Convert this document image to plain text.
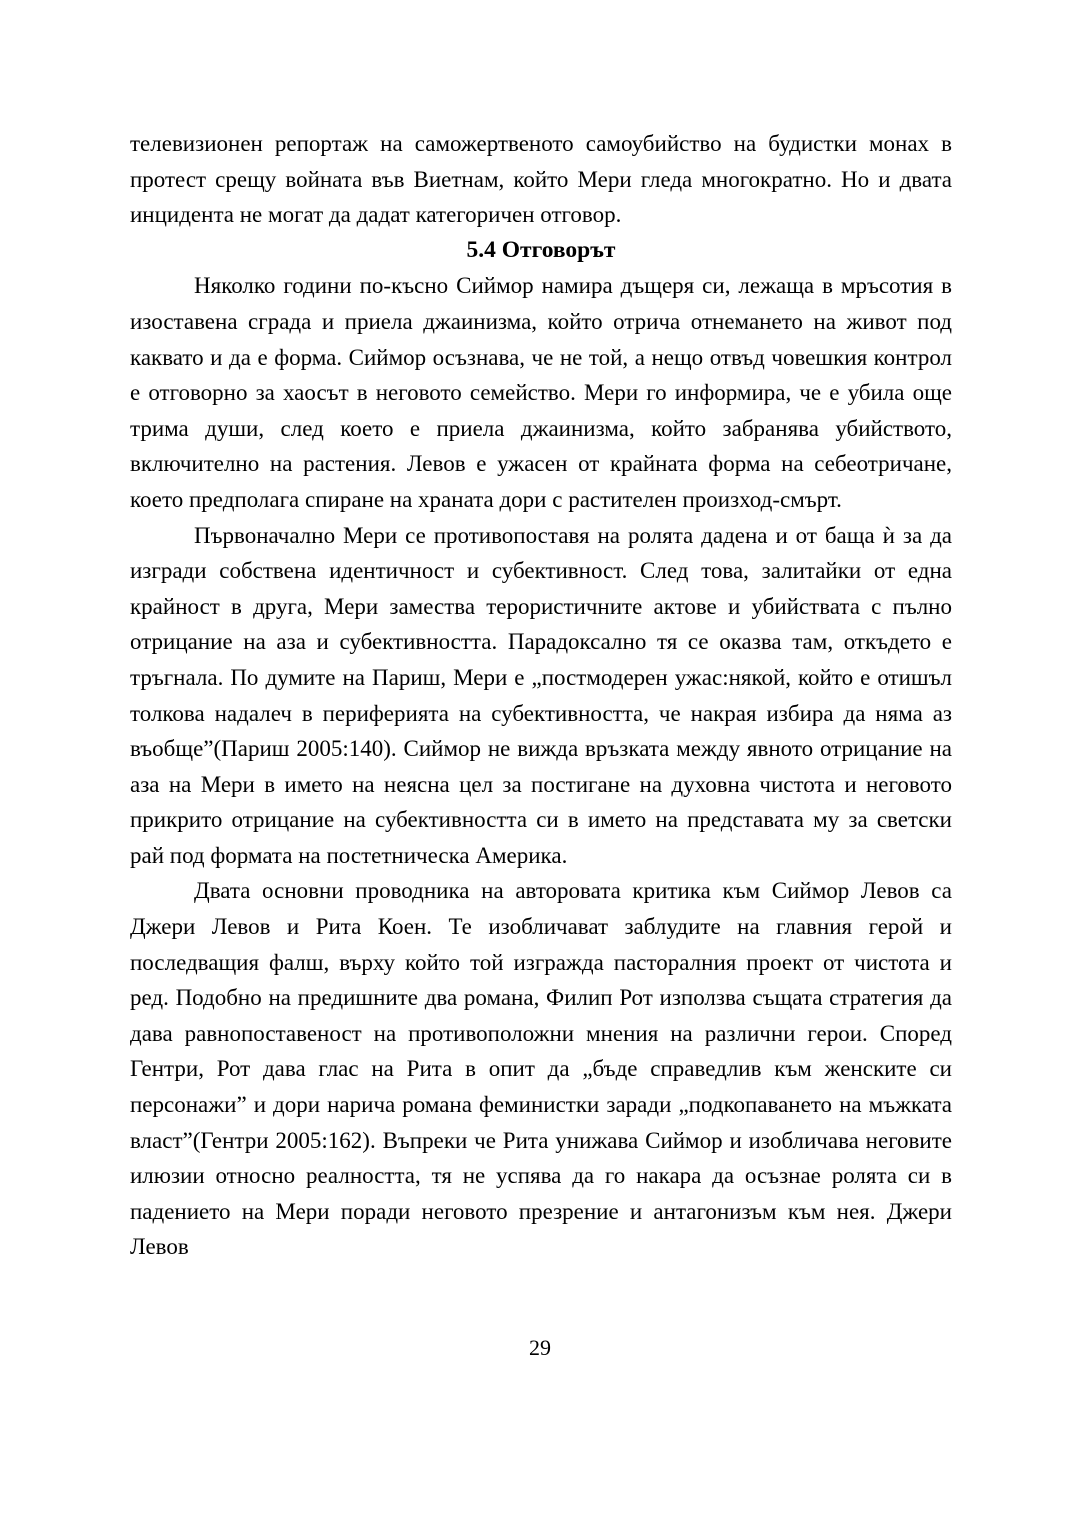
телевизионен репортаж на саможертвеното самоубийство на будистки монах в протест срещу войната във Виетнам, който Мери гледа многократно. Но и двата инцидента не могат да дадат категоричен отговор.

5.4 Отговорът

Няколко години по-късно Сиймор намира дъщеря си, лежаща в мръсотия в изоставена сграда и приела джаинизма, който отрича отнемането на живот под каквато и да е форма. Сиймор осъзнава, че не той, а нещо отвъд човешкия контрол е отговорно за хаосът в неговото семейство. Мери го информира, че е убила още трима души, след което е приела джаинизма, който забранява убийството, включително на растения. Левов е ужасен от крайната форма на себеотричане, което предполага спиране на храната дори с растителен произход-смърт.

Първоначално Мери се противопоставя на ролята дадена и от баща ѝ за да изгради собствена идентичност и субективност. След това, залитайки от една крайност в друга, Мери замества терористичните актове и убийствата с пълно отрицание на аза и субективността. Парадоксално тя се оказва там, откъдето е тръгнала. По думите на Париш, Мери е „постмодерен ужас:някой, който е отишъл толкова надалеч в периферията на субективността, че накрая избира да няма аз въобще”(Париш 2005:140). Сиймор не вижда връзката между явното отрицание на аза на Мери в името на неясна цел за постигане на духовна чистота и неговото прикрито отрицание на субективността си в името на представата му за светски рай под формата на постетническа Америка.

Двата основни проводника на авторовата критика към Сиймор Левов са Джери Левов и Рита Коен. Те изобличават заблудите на главния герой и последващия фалш, върху който той изгражда пасторалния проект от чистота и ред. Подобно на предишните два романа, Филип Рот използва същата стратегия да дава равнопоставеност на противоположни мнения на различни герои. Според Гентри, Рот дава глас на Рита в опит да „бъде справедлив към женските си персонажи” и дори нарича романа феминистки заради „подкопаването на мъжката власт”(Гентри 2005:162). Въпреки че Рита унижава Сиймор и изобличава неговите илюзии относно реалността, тя не успява да го накара да осъзнае ролята си в падението на Мери поради неговото презрение и антагонизъм към нея. Джери Левов

29
